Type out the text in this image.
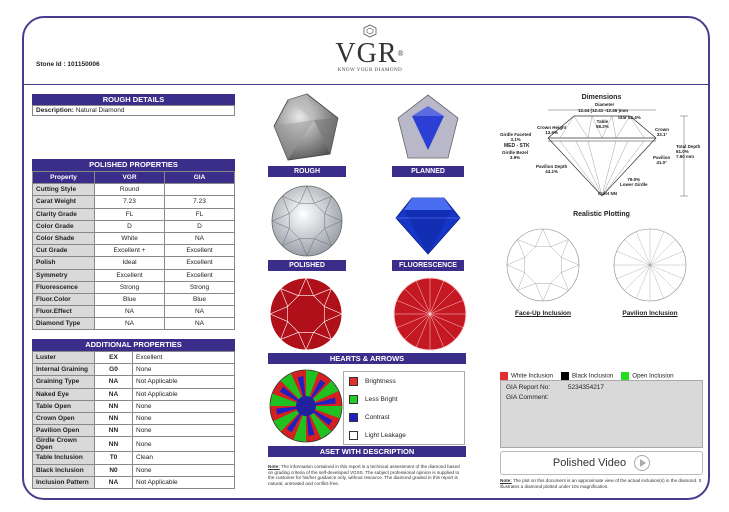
Stone Id : 101150006	VGR®
KNOW YOUR DIAMOND
ROUGH DETAILS
Description: Natural Diamond
POLISHED PROPERTIES
Property	VGR	GIA
Cutting Style	Round	
Carat Weight	7.23	7.23
Clarity Grade	FL	FL
Color Grade	D	D
Color Shade	White	NA
Cut Grade	Excellent +	Excellent
Polish	Ideal	Excellent
Symmetry	Excellent	Excellent
Fluorescence	Strong	Strong
Fluor.Color	Blue	Blue
Fluor.Effect	NA	NA
Diamond Type	NA	NA
ADDITIONAL PROPERTIES
Luster	EX	Excellent
Internal Graining	G0	None
Graining Type	NA	Not Applicable
Naked Eye	NA	Not Applicable
Table Open	NN	None
Crown Open	NN	None
Pavilion Open	NN	None
Girdle Crown Open	NN	None
Table Inclusion	T0	Clean
Black Inclusion	N0	None
Inclusion Pattern	NA	Not Applicable
ROUGH	PLANNED
POLISHED	FLUORESCENCE
HEARTS & ARROWS
Brightness
Less Bright
Contrast
Light Leakage
ASET WITH DESCRIPTION
Note: The information contained in this report is a technical assessment of the diamond based on grading criteria of the self-developed VGSS. The subject professional opinion is supplied to the customer for his/her guidance only, without resource. The diamond graded in this report is natural, untreated and conflict-free.
Dimensions
Diameter
12.44 (12.41 -12.46 )mm
Star 52.4%
Table
58.2%
Crown Height
13.6%
Crown
33.1°
Girdle Faceted
3.1%
MED - STK
Girdle Bezel
3.9%
Total Depth
61.0%
7.60 mm
Pavilion
41.0°
Pavilion Depth
44.1%
79.0%
Lower Girdle
Culet NN
Realistic Plotting
Face-Up Inclusion	Pavilion Inclusion
White Inclusion	Black Inclusion	Open Inclusion
GIA Report No:	5234354217
GIA Comment:
Polished Video
Note: The plot on this document is an approximate view of the actual inclusion(s) in the diamond. It illustrates a diamond plotted under 10x magnification.
